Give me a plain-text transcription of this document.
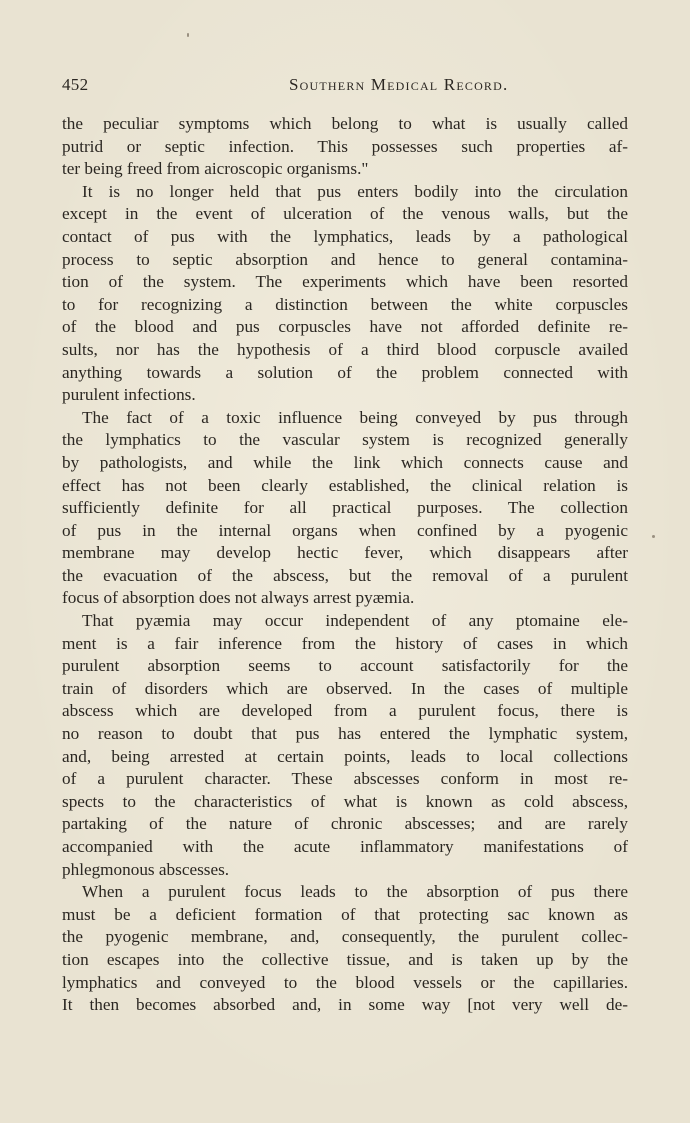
452	Southern Medical Record.
the peculiar symptoms which belong to what is usually called
putrid or septic infection. This possesses such properties af-
ter being freed from aicroscopic organisms."
It is no longer held that pus enters bodily into the circulation
except in the event of ulceration of the venous walls, but the
contact of pus with the lymphatics, leads by a pathological
process to septic absorption and hence to general contamina-
tion of the system. The experiments which have been resorted
to for recognizing a distinction between the white corpuscles
of the blood and pus corpuscles have not afforded definite re-
sults, nor has the hypothesis of a third blood corpuscle availed
anything towards a solution of the problem connected with
purulent infections.
The fact of a toxic influence being conveyed by pus through
the lymphatics to the vascular system is recognized generally
by pathologists, and while the link which connects cause and
effect has not been clearly established, the clinical relation is
sufficiently definite for all practical purposes. The collection
of pus in the internal organs when confined by a pyogenic
membrane may develop hectic fever, which disappears after
the evacuation of the abscess, but the removal of a purulent
focus of absorption does not always arrest pyæmia.
That pyæmia may occur independent of any ptomaine ele-
ment is a fair inference from the history of cases in which
purulent absorption seems to account satisfactorily for the
train of disorders which are observed. In the cases of multiple
abscess which are developed from a purulent focus, there is
no reason to doubt that pus has entered the lymphatic system,
and, being arrested at certain points, leads to local collections
of a purulent character. These abscesses conform in most re-
spects to the characteristics of what is known as cold abscess,
partaking of the nature of chronic abscesses; and are rarely
accompanied with the acute inflammatory manifestations of
phlegmonous abscesses.
When a purulent focus leads to the absorption of pus there
must be a deficient formation of that protecting sac known as
the pyogenic membrane, and, consequently, the purulent collec-
tion escapes into the collective tissue, and is taken up by the
lymphatics and conveyed to the blood vessels or the capillaries.
It then becomes absorbed and, in some way [not very well de-
